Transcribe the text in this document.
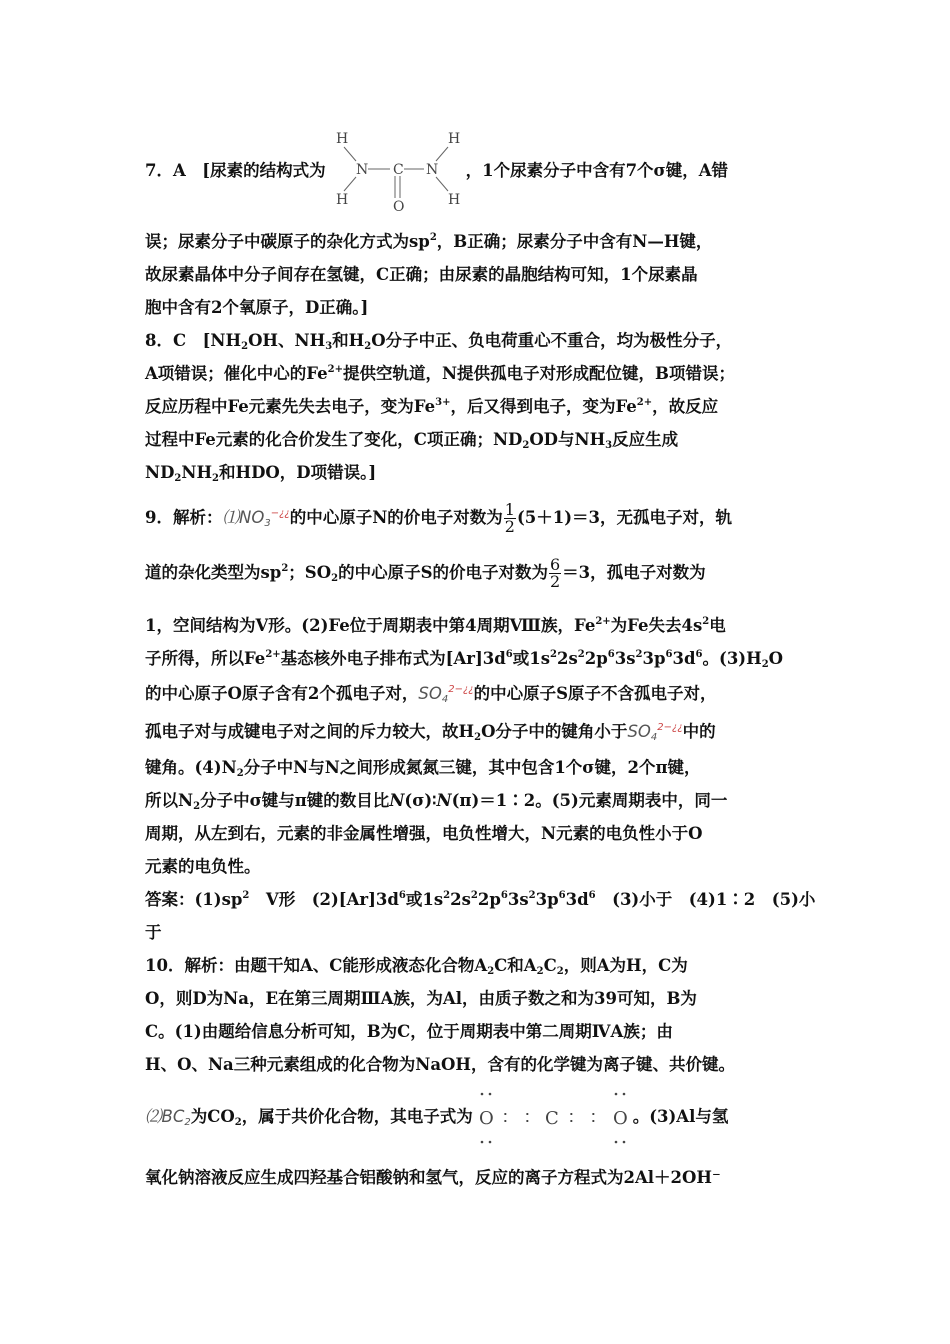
7．A　[尿素的结构式为
H
H
N C N
O
H
H
，1个尿素分子中含有7个σ键，A错
误；尿素分子中碳原子的杂化方式为$sp^2$，B正确；尿素分子中含有N—H键，
故尿素晶体中分子间存在氢键，C正确；由尿素的晶胞结构可知，1个尿素晶
胞中含有2个氧原子，D正确。]
8．C　[$NH_2OH$、$NH_3$和$H_2O$分子中正、负电荷重心不重合，均为极性分子，
A项错误；催化中心的$Fe^{2+}$提供空轨道，N提供孤电子对形成配位键，B项错误；
反应历程中Fe元素先失去电子，变为$Fe^{3+}$，后又得到电子，变为$Fe^{2+}$，故反应
过程中Fe元素的化合价发生了变化，C项正确；$ND_2OD$与$NH_3$反应生成
$ND_2NH_2$和HDO，D项错误。]
9．解析：$⑴NO_3^{-¿¿}$的中心原子N的价电子对数为 $\frac{1}{2} (5+1)=3$，无孤电子对，轨
道的杂化类型为$sp^2$；$SO_2$的中心原子S的价电子对数为 $\frac{6}{2} =3$，孤电子对数为
1，空间结构为V形。(2)Fe位于周期表中第4周期Ⅷ族，$Fe^{2+}$为Fe失去$4s^2$电
子所得，所以$Fe^{2+}$基态核外电子排布式为$[Ar]3d^6$或$1s^22s^22p^63s^23p^63d^6$。$(3)H_2O$
的中心原子O原子含有2个孤电子对，$SO_4^{2-¿¿}$的中心原子S原子不含孤电子对，
孤电子对与成键电子对之间的斥力较大，故$H_2O$分子中的键角小于$SO_4^{2-¿¿}$中的
键角。$(4)N_2$分子中N与N之间形成氮氮三键，其中包含1个σ键，2个π键，
所以$N_2$分子中σ键与π键的数目比N(σ)∶N(π)＝1∶2。(5)元素周期表中，同一
周期，从左到右，元素的非金属性增强，电负性增大，N元素的电负性小于O
元素的电负性。
答案：$(1)sp^2$　V形　$(2)[Ar]3d^6$或$1s^22s^22p^63s^23p^63d^6$　(3)小于　(4)1∶2　(5)小
于
10．解析：由题干知A、C能形成液态化合物$A_2C$和$A_2C_2$，则A为H，C为
O，则D为Na，E在第三周期ⅢA族，为Al，由质子数之和为39可知，B为
C。(1)由题给信息分析可知，B为C，位于周期表中第二周期ⅣA族；由
H、O、Na三种元素组成的化合物为NaOH，含有的化学键为离子键、共价键。
$⑵BC_2$为$CO_2$，属于共价化合物，其电子式为 O ∶ ∶ C ∶ ∶ O 。(3)Al与氢
氧化钠溶液反应生成四羟基合铝酸钠和氢气，反应的离子方程式为2Al＋2OH⁻
